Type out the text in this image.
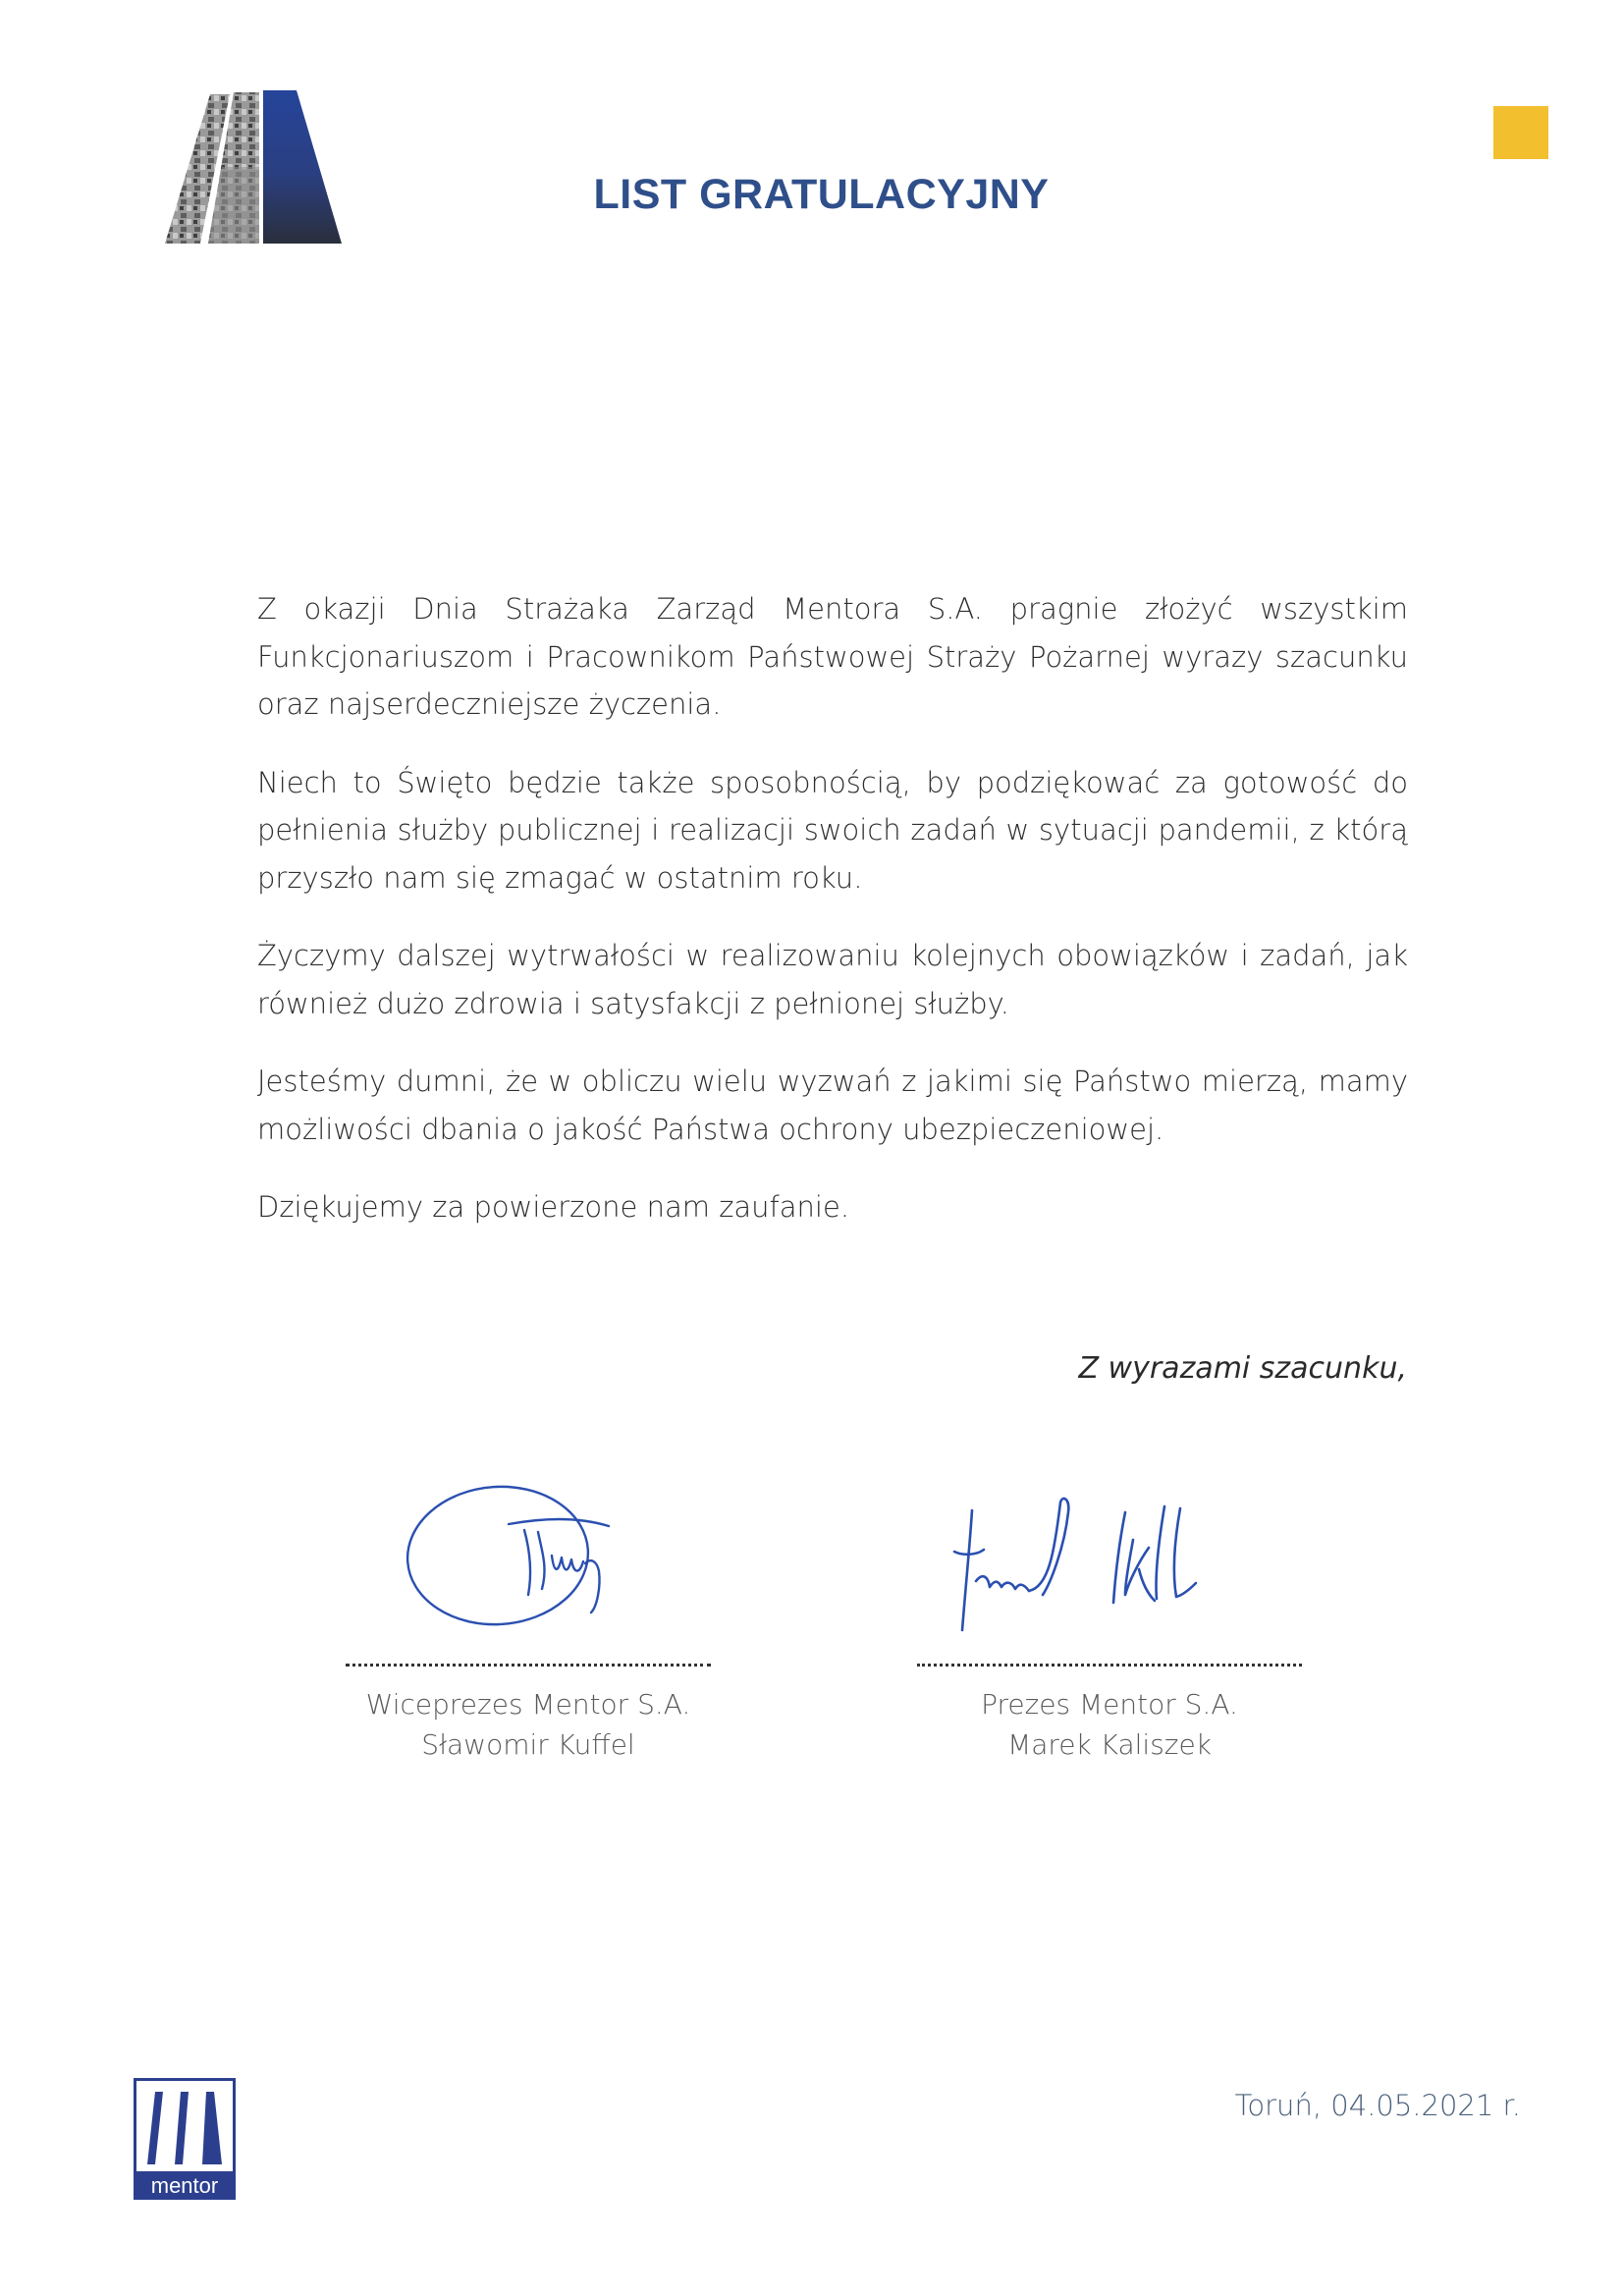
LIST GRATULACYJNY

Z okazji Dnia Strażaka Zarząd Mentora S.A. pragnie złożyć wszystkim Funkcjonariuszom i Pracownikom Państwowej Straży Pożarnej wyrazy szacunku oraz najserdeczniejsze życzenia.

Niech to Święto będzie także sposobnością, by podziękować za gotowość do pełnienia służby publicznej i realizacji swoich zadań w sytuacji pandemii, z którą przyszło nam się zmagać w ostatnim roku.

Życzymy dalszej wytrwałości w realizowaniu kolejnych obowiązków i zadań, jak również dużo zdrowia i satysfakcji z pełnionej służby.

Jesteśmy dumni, że w obliczu wielu wyzwań z jakimi się Państwo mierzą, mamy możliwości dbania o jakość Państwa ochrony ubezpieczeniowej.

Dziękujemy za powierzone nam zaufanie.

Z wyrazami szacunku,
Wiceprezes Mentor S.A.
Sławomir Kuffel
Prezes Mentor S.A.
Marek Kaliszek
mentor
Toruń, 04.05.2021 r.
